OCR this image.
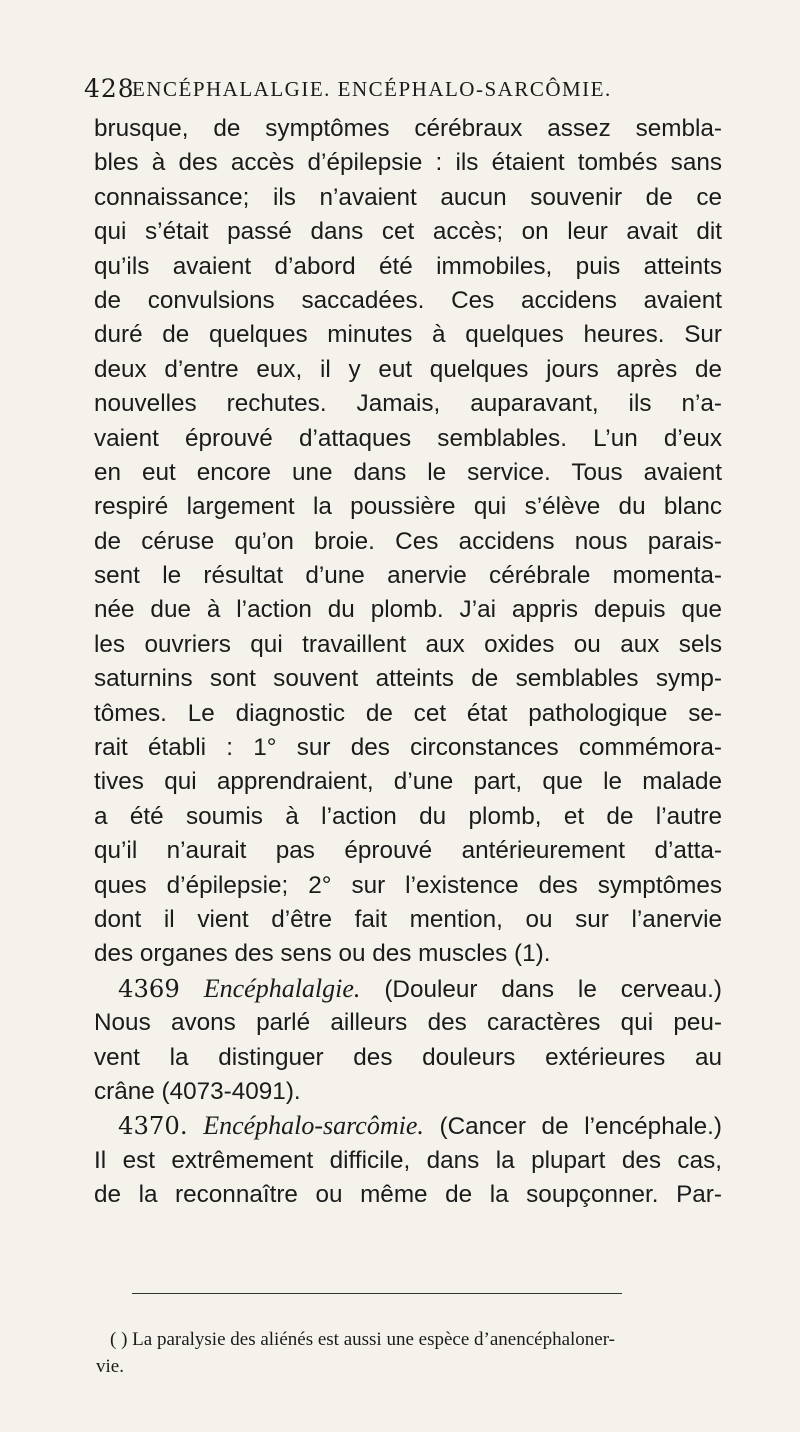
428
ENCÉPHALALGIE. ENCÉPHALO-SARCÔMIE.
brusque, de symptômes cérébraux assez sembla-
bles à des accès d’épilepsie : ils étaient tombés sans
connaissance; ils n’avaient aucun souvenir de ce
qui s’était passé dans cet accès; on leur avait dit
qu’ils avaient d’abord été immobiles, puis atteints
de convulsions saccadées. Ces accidens avaient
duré de quelques minutes à quelques heures. Sur
deux d’entre eux, il y eut quelques jours après de
nouvelles rechutes. Jamais, auparavant, ils n’a-
vaient éprouvé d’attaques semblables. L’un d’eux
en eut encore une dans le service. Tous avaient
respiré largement la poussière qui s’élève du blanc
de céruse qu’on broie. Ces accidens nous parais-
sent le résultat d’une anervie cérébrale momenta-
née due à l’action du plomb. J’ai appris depuis que
les ouvriers qui travaillent aux oxides ou aux sels
saturnins sont souvent atteints de semblables symp-
tômes. Le diagnostic de cet état pathologique se-
rait établi : 1° sur des circonstances commémora-
tives qui apprendraient, d’une part, que le malade
a été soumis à l’action du plomb, et de l’autre
qu’il n’aurait pas éprouvé antérieurement d’atta-
ques d’épilepsie; 2° sur l’existence des symptômes
dont il vient d’être fait mention, ou sur l’anervie
des organes des sens ou des muscles (1).
4369 Encéphalalgie. (Douleur dans le cerveau.)
Nous avons parlé ailleurs des caractères qui peu-
vent la distinguer des douleurs extérieures au
crâne (4073-4091).
4370. Encéphalo-sarcômie. (Cancer de l’encéphale.)
Il est extrêmement difficile, dans la plupart des cas,
de la reconnaître ou même de la soupçonner. Par-
( ) La paralysie des aliénés est aussi une espèce d’anencéphaloner-
vie.
